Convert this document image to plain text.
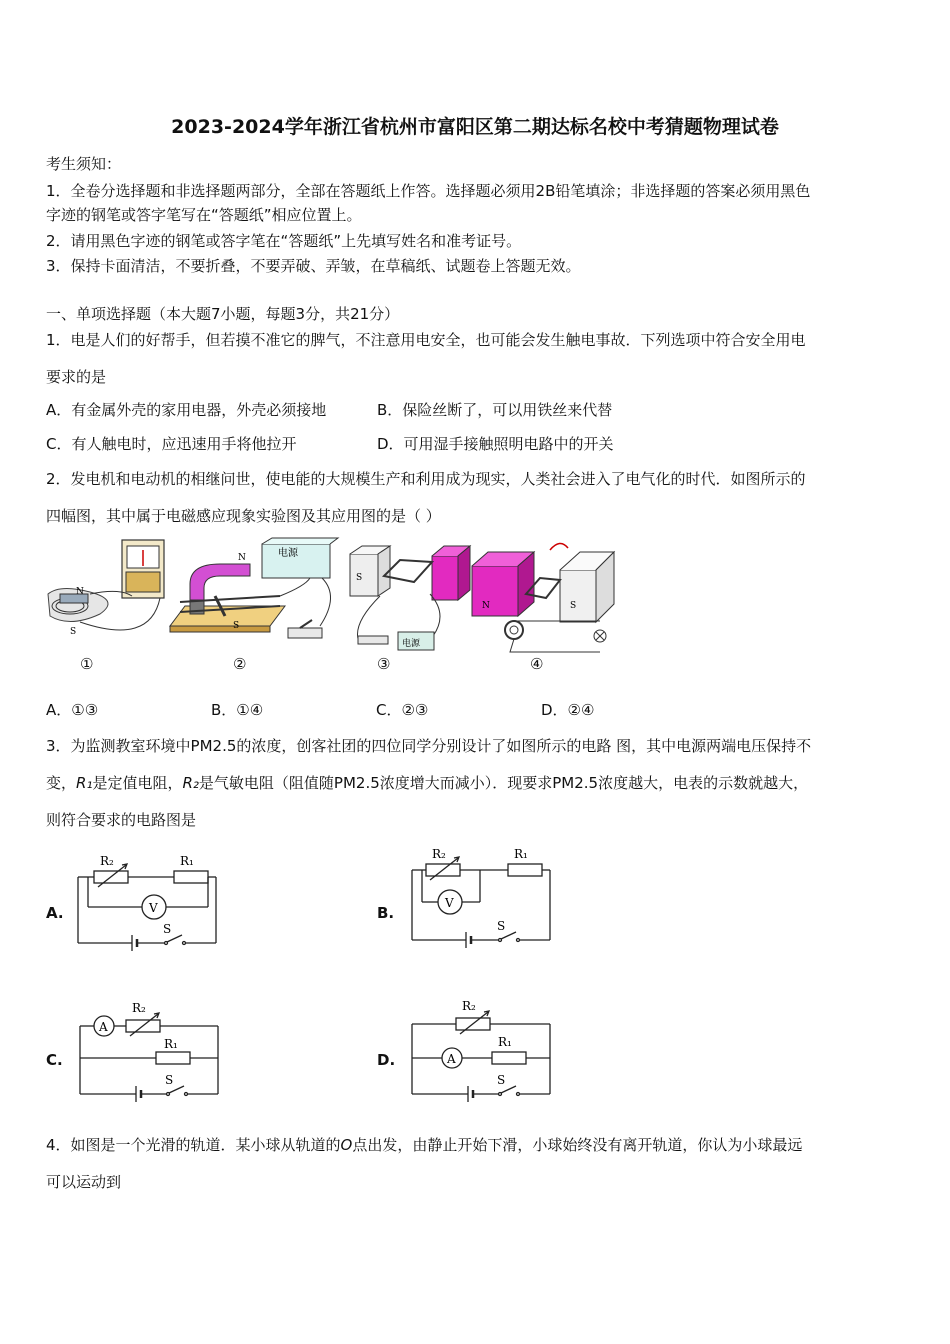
2023-2024学年浙江省杭州市富阳区第二期达标名校中考猜题物理试卷
考生须知：
1．全卷分选择题和非选择题两部分，全部在答题纸上作答。选择题必须用2B铅笔填涂；非选择题的答案必须用黑色
字迹的钢笔或答字笔写在“答题纸”相应位置上。
2．请用黑色字迹的钢笔或答字笔在“答题纸”上先填写姓名和准考证号。
3．保持卡面清洁，不要折叠，不要弄破、弄皱，在草稿纸、试题卷上答题无效。
一、单项选择题（本大题7小题，每题3分，共21分）
1．电是人们的好帮手，但若摸不准它的脾气，不注意用电安全，也可能会发生触电事故．下列选项中符合安全用电
要求的是
A．有金属外壳的家用电器，外壳必须接地	B．保险丝断了，可以用铁丝来代替
C．有人触电时，应迅速用手将他拉开	D．可用湿手接触照明电路中的开关
2．发电机和电动机的相继问世，使电能的大规模生产和利用成为现实，人类社会进入了电气化的时代．如图所示的
四幅图，其中属于电磁感应现象实验图及其应用图的是（ ）
N
S
N
S
电源
S
电源
N	S
①	②	③	④
A．①③	B．①④	C．②③	D．②④
3．为监测教室环境中PM2.5的浓度，创客社团的四位同学分别设计了如图所示的电路 图，其中电源两端电压保持不
变，R₁是定值电阻，R₂是气敏电阻（阻值随PM2.5浓度增大而减小）．现要求PM2.5浓度越大，电表的示数就越大，
则符合要求的电路图是
A.	B.
C.	D.
R₂	R₁
V
S
R₂	R₁
V
S
A
R₂
R₁
S
R₂
R₁
A
S
4．如图是一个光滑的轨道．某小球从轨道的O点出发，由静止开始下滑，小球始终没有离开轨道，你认为小球最远
可以运动到
